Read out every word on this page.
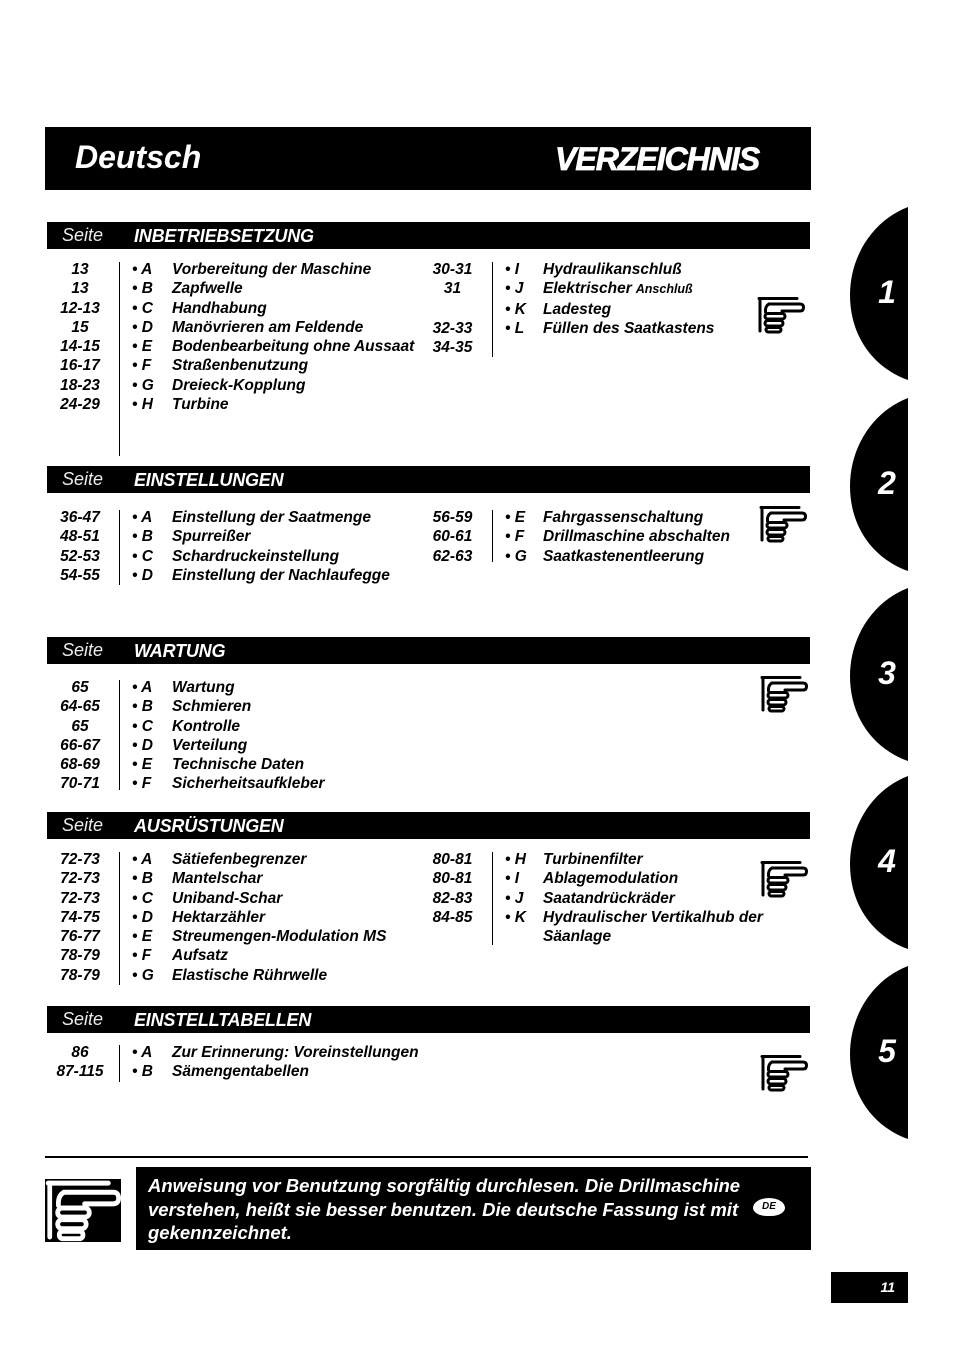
Deutsch	VERZEICHNIS
Seite INBETRIEBSETZUNG
13	• A	Vorbereitung der Maschine
13	• B	Zapfwelle
12-13	• C	Handhabung
15	• D	Manövrieren am Feldende
14-15	• E	Bodenbearbeitung ohne Aussaat
16-17	• F	Straßenbenutzung
18-23	• G	Dreieck-Kopplung
24-29	• H	Turbine
30-31	• I	Hydraulikanschluß
31	• J	Elektrischer Anschluß
• K	Ladesteg
32-33	• L	Füllen des Saatkastens
34-35
Seite EINSTELLUNGEN
36-47	• A	Einstellung der Saatmenge
48-51	• B	Spurreißer
52-53	• C	Schardruckeinstellung
54-55	• D	Einstellung der Nachlaufegge
56-59	• E	Fahrgassenschaltung
60-61	• F	Drillmaschine abschalten
62-63	• G	Saatkastenentleerung
Seite WARTUNG
65	• A	Wartung
64-65	• B	Schmieren
65	• C	Kontrolle
66-67	• D	Verteilung
68-69	• E	Technische Daten
70-71	• F	Sicherheitsaufkleber
Seite AUSRÜSTUNGEN
72-73	• A	Sätiefenbegrenzer
72-73	• B	Mantelschar
72-73	• C	Uniband-Schar
74-75	• D	Hektarzähler
76-77	• E	Streumengen-Modulation MS
78-79	• F	Aufsatz
78-79	• G	Elastische Rührwelle
80-81	• H	Turbinenfilter
80-81	• I	Ablagemodulation
82-83	• J	Saatandrückräder
84-85	• K	Hydraulischer Vertikalhub der Säanlage
Seite EINSTELLTABELLEN
86	• A	Zur Erinnerung: Voreinstellungen
87-115	• B	Sämengentabellen
1
2
3
4
5
Anweisung vor Benutzung sorgfältig durchlesen. Die Drillmaschine
verstehen, heißt sie besser benutzen. Die deutsche Fassung ist mit
gekennzeichnet.
DE
11
